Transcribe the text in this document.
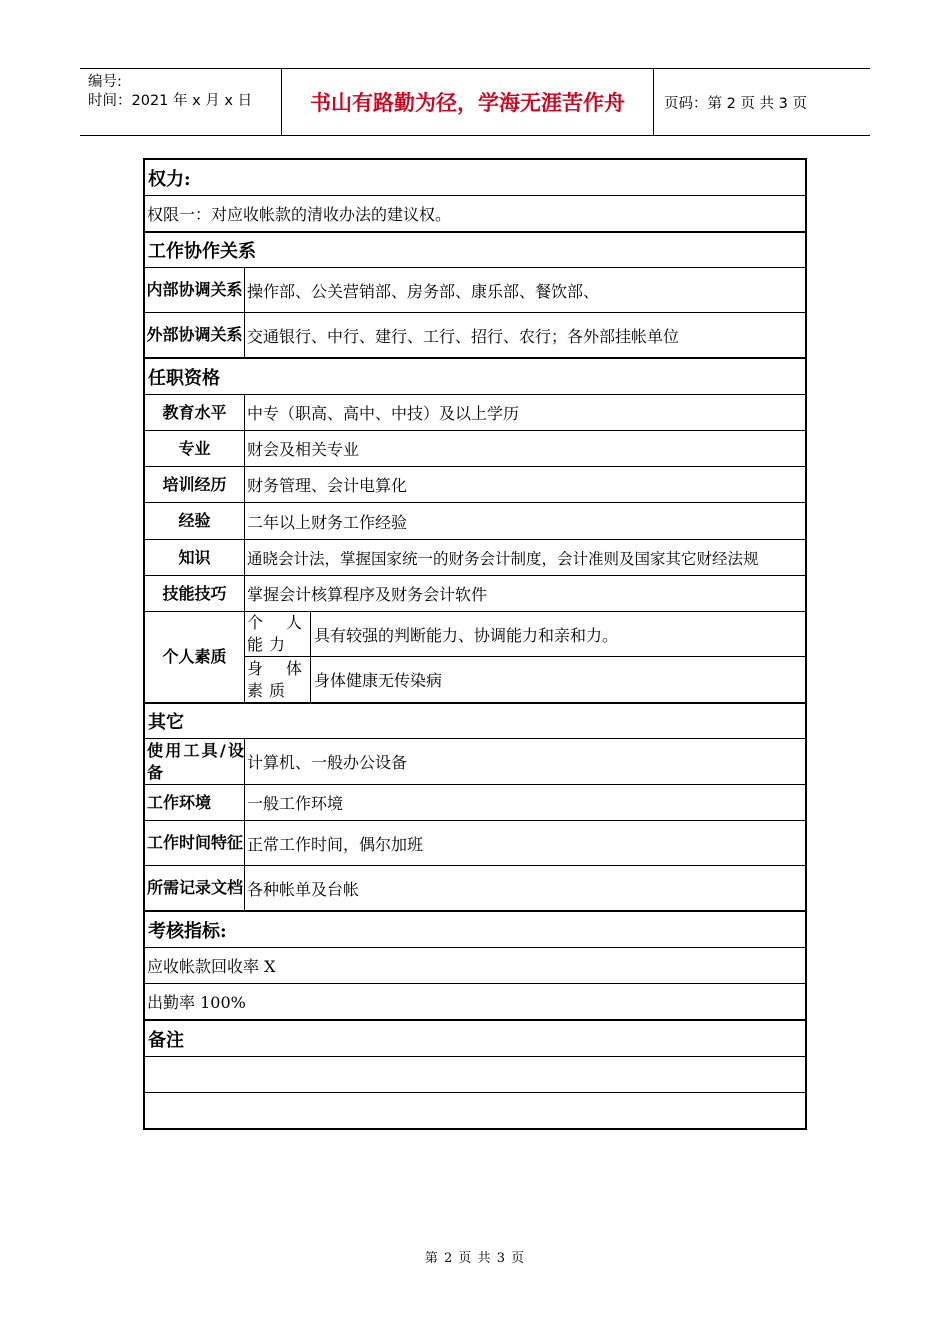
编号:
时间：2021 年 x 月 x 日	书山有路勤为径，学海无涯苦作舟	页码：第 2 页 共 3 页
权力:
权限一：对应收帐款的清收办法的建议权。
工作协作关系
内部协调关系 操作部、公关营销部、房务部、康乐部、餐饮部、
外部协调关系 交通银行、中行、建行、工行、招行、农行；各外部挂帐单位
任职资格
教育水平	中专（职高、高中、中技）及以上学历
专业	财会及相关专业
培训经历	财务管理、会计电算化
经验	二年以上财务工作经验
知识	通晓会计法，掌握国家统一的财务会计制度，会计准则及国家其它财经法规
技能技巧	掌握会计核算程序及财务会计软件
个人素质
个人能力	具有较强的判断能力、协调能力和亲和力。
身体素质	身体健康无传染病
其它
使用工具/设备	计算机、一般办公设备
工作环境	一般工作环境
工作时间特征 正常工作时间，偶尔加班
所需记录文档 各种帐单及台帐
考核指标:
应收帐款回收率 X
出勤率 100%
备注
第 2 页 共 3 页
